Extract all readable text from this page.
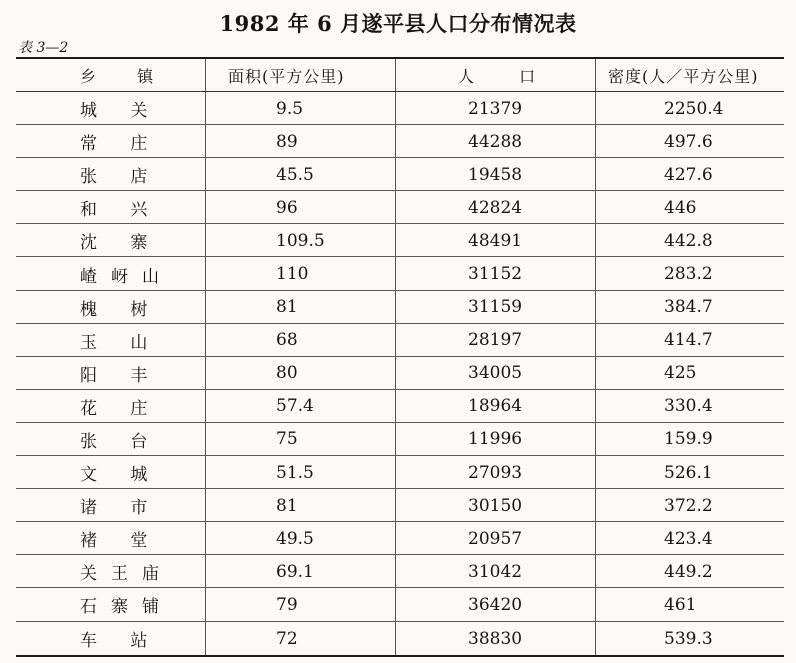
1982 年 6 月遂平县人口分布情况表
表 3—2
乡 镇	面积(平方公里)	人 口	密度(人／平方公里)
城 关	9.5	21379	2250.4
常 庄	89	44288	497.6
张 店	45.5	19458	427.6
和 兴	96	42824	446
沈 寨	109.5	48491	442.8
嵖岈山	110	31152	283.2
槐 树	81	31159	384.7
玉 山	68	28197	414.7
阳 丰	80	34005	425
花 庄	57.4	18964	330.4
张 台	75	11996	159.9
文 城	51.5	27093	526.1
诸 市	81	30150	372.2
褚 堂	49.5	20957	423.4
关王庙	69.1	31042	449.2
石寨铺	79	36420	461
车 站	72	38830	539.3
